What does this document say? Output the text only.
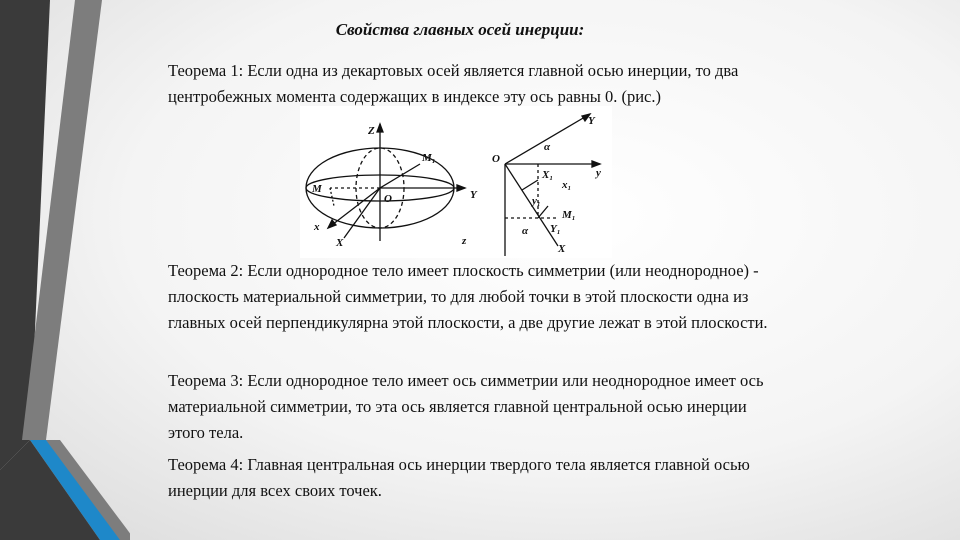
Свойства главных осей инерции:
Теорема 1: Если одна из декартовых осей является главной осью инерции, то два центробежных момента содержащих в индексе эту ось равны 0. (рис.)
Z
z
Y
X
x
M
M₁
O
O
y
Y
X
α
α
X₁
x₁
y₁
M₁
Y₁
Теорема 2: Если однородное тело имеет плоскость симметрии (или неоднородное) - плоскость материальной симметрии, то для любой точки в этой плоскости одна из главных осей перпендикулярна этой плоскости, а две другие лежат в этой плоскости.
Теорема 3: Если однородное тело имеет ось симметрии или неоднородное имеет ось материальной симметрии, то эта ось является главной центральной осью инерции этого тела.
Теорема 4: Главная центральная ось инерции твердого тела является главной осью инерции для всех своих точек.
